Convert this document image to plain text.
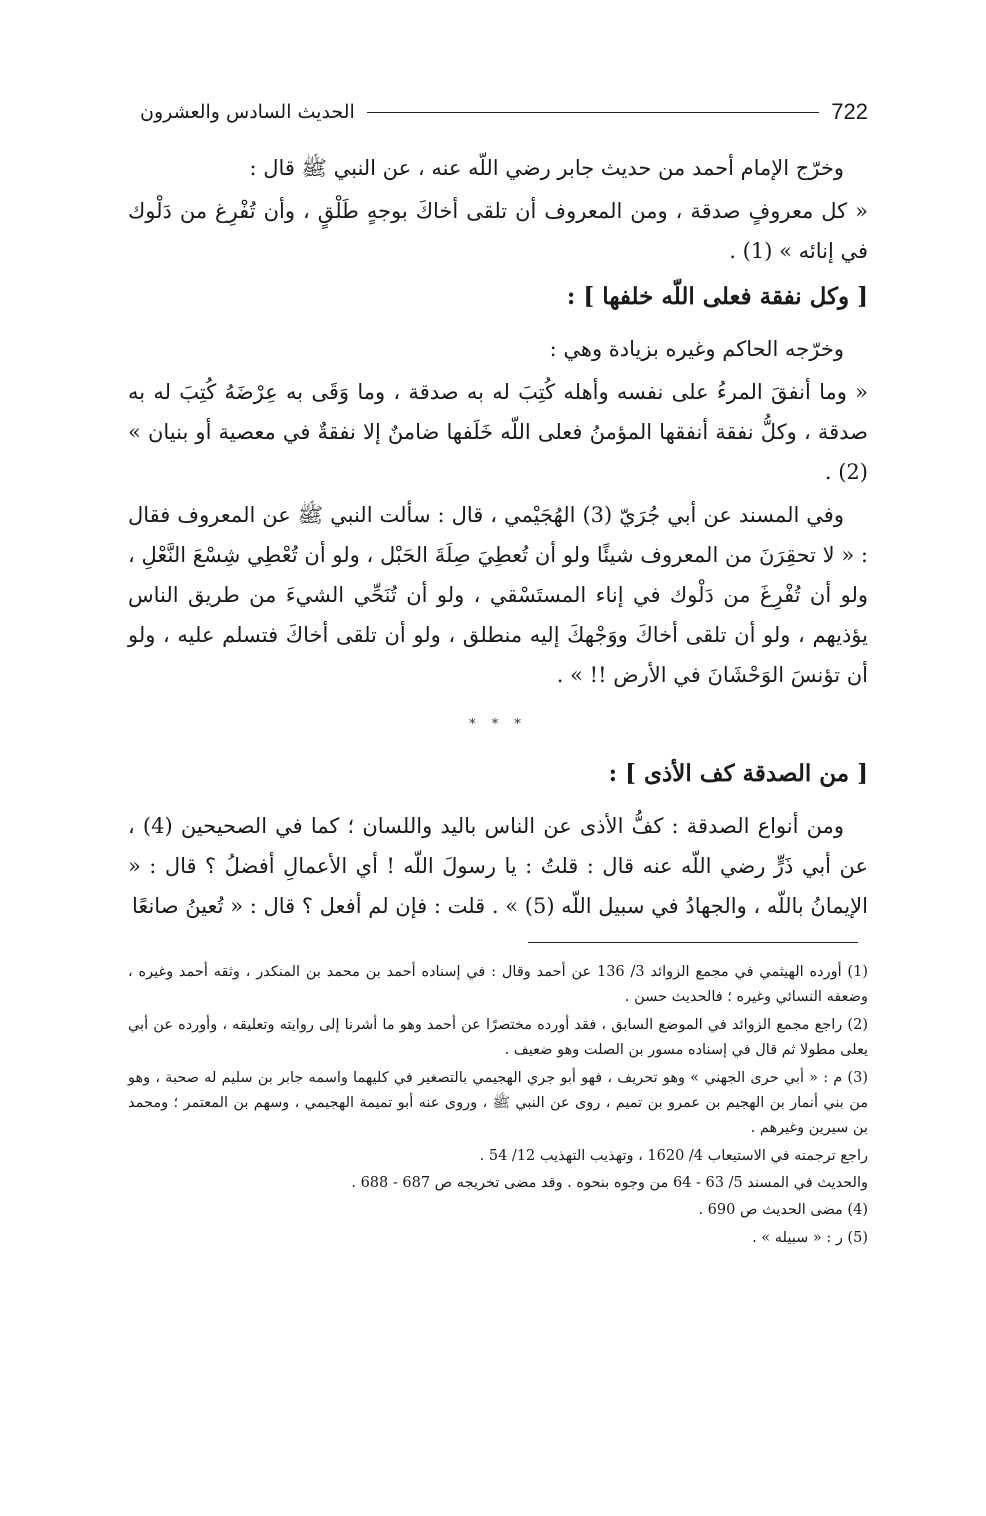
الحديث السادس والعشرون	722

وخرّج الإمام أحمد من حديث جابر رضي اللّه عنه ، عن النبي ﷺ قال :

« كل معروفٍ صدقة ، ومن المعروف أن تلقى أخاكَ بوجهٍ طَلْقٍ ، وأن تُفْرِغ من دَلْوك في إنائه » (1) .

[ وكل نفقة فعلى اللّه خلفها ] :

وخرّجه الحاكم وغيره بزيادة وهي :

« وما أنفقَ المرءُ على نفسه وأهله كُتِبَ له به صدقة ، وما وَقَى به عِرْضَهُ كُتِبَ له به صدقة ، وكلُّ نفقة أنفقها المؤمنُ فعلى اللّه خَلَفها ضامنٌ إلا نفقةٌ في معصية أو بنيان » (2) .

وفي المسند عن أبي جُرَيّ (3) الهُجَيْمي ، قال : سألت النبي ﷺ عن المعروف فقال : « لا تحقِرَنَ من المعروف شيئًا ولو أن تُعطِيَ صِلَةَ الحَبْل ، ولو أن تُعْطِي شِسْعَ النَّعْلِ ، ولو أن تُفْرِغَ من دَلْوك في إناء المستَسْقي ، ولو أن تُنَحِّي الشيءَ من طريق الناس يؤذيهم ، ولو أن تلقى أخاكَ ووَجْهكَ إليه منطلق ، ولو أن تلقى أخاكَ فتسلم عليه ، ولو أن تؤنسَ الوَحْشَانَ في الأرض !! » .

* * *
[ من الصدقة كف الأذى ] :

ومن أنواع الصدقة : كفُّ الأذى عن الناس باليد واللسان ؛ كما في الصحيحين (4) ، عن أبي ذَرٍّ رضي اللّه عنه قال : قلتُ : يا رسولَ اللّه ! أي الأعمالِ أفضلُ ؟ قال : « الإيمانُ باللّه ، والجهادُ في سبيل اللّه (5) » . قلت : فإن لم أفعل ؟ قال : « تُعينُ صانعًا

(1) أورده الهيثمي في مجمع الزوائد 3/ 136 عن أحمد وقال : في إسناده أحمد بن محمد بن المنكدر ، وثقه أحمد وغيره ، وضعفه النسائي وغيره ؛ فالحديث حسن .

(2) راجع مجمع الزوائد في الموضع السابق ، فقد أورده مختصرًا عن أحمد وهو ما أشرنا إلى روايته وتعليقه ، وأورده عن أبي يعلى مطولا ثم قال في إسناده مسور بن الصلت وهو ضعيف .

(3) م : « أبي حرى الجهني » وهو تحريف ، فهو أبو جري الهجيمي بالتصغير في كليهما واسمه جابر بن سليم له صحبة ، وهو من بني أنمار بن الهجيم بن عمرو بن تميم ، روى عن النبي ﷺ ، وروى عنه أبو تميمة الهجيمي ، وسهم بن المعتمر ؛ ومحمد بن سيرين وغيرهم .

راجع ترجمته في الاستيعاب 4/ 1620 ، وتهذيب التهذيب 12/ 54 .

والحديث في المسند 5/ 63 - 64 من وجوه بنحوه . وقد مضى تخريجه ص 687 - 688 .

(4) مضى الحديث ص 690 .

(5) ر : « سبيله » .
